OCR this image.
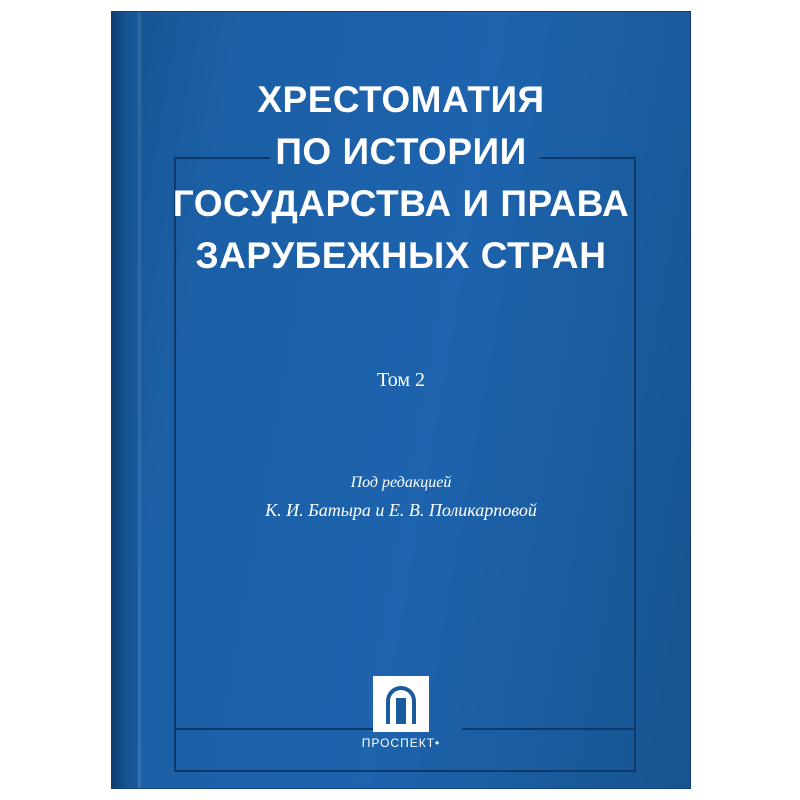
ХРЕСТОМАТИЯ
ПО ИСТОРИИ
ГОСУДАРСТВА И ПРАВА
ЗАРУБЕЖНЫХ СТРАН
Том 2
Под редакцией
К. И. Батыра и Е. В. Поликарповой
ПРОСПЕКТ•
